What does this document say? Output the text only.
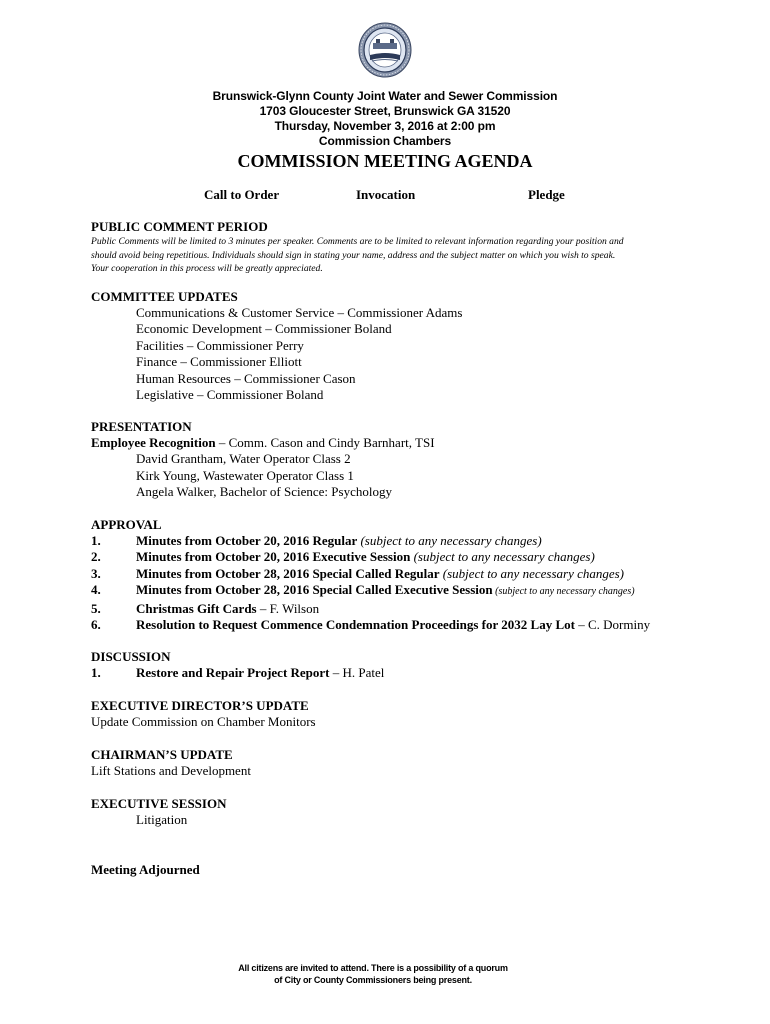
Brunswick-Glynn County Joint Water and Sewer Commission
1703 Gloucester Street, Brunswick GA 31520
Thursday, November 3, 2016 at 2:00 pm
Commission Chambers
COMMISSION MEETING AGENDA
Call to Order	Invocation	Pledge
PUBLIC COMMENT PERIOD
Public Comments will be limited to 3 minutes per speaker. Comments are to be limited to relevant information regarding your position and
should avoid being repetitious. Individuals should sign in stating your name, address and the subject matter on which you wish to speak.
Your cooperation in this process will be greatly appreciated.
COMMITTEE UPDATES
Communications & Customer Service – Commissioner Adams
Economic Development – Commissioner Boland
Facilities – Commissioner Perry
Finance – Commissioner Elliott
Human Resources – Commissioner Cason
Legislative – Commissioner Boland
PRESENTATION
Employee Recognition – Comm. Cason and Cindy Barnhart, TSI
David Grantham, Water Operator Class 2
Kirk Young, Wastewater Operator Class 1
Angela Walker, Bachelor of Science: Psychology
APPROVAL
1.	Minutes from October 20, 2016 Regular (subject to any necessary changes)
2.	Minutes from October 20, 2016 Executive Session (subject to any necessary changes)
3.	Minutes from October 28, 2016 Special Called Regular (subject to any necessary changes)
4.	Minutes from October 28, 2016 Special Called Executive Session (subject to any necessary changes)
5.	Christmas Gift Cards – F. Wilson
6.	Resolution to Request Commence Condemnation Proceedings for 2032 Lay Lot – C. Dorminy
DISCUSSION
1.	Restore and Repair Project Report – H. Patel
EXECUTIVE DIRECTOR’S UPDATE
Update Commission on Chamber Monitors
CHAIRMAN’S UPDATE
Lift Stations and Development
EXECUTIVE SESSION
Litigation
Meeting Adjourned
All citizens are invited to attend. There is a possibility of a quorum
of City or County Commissioners being present.
